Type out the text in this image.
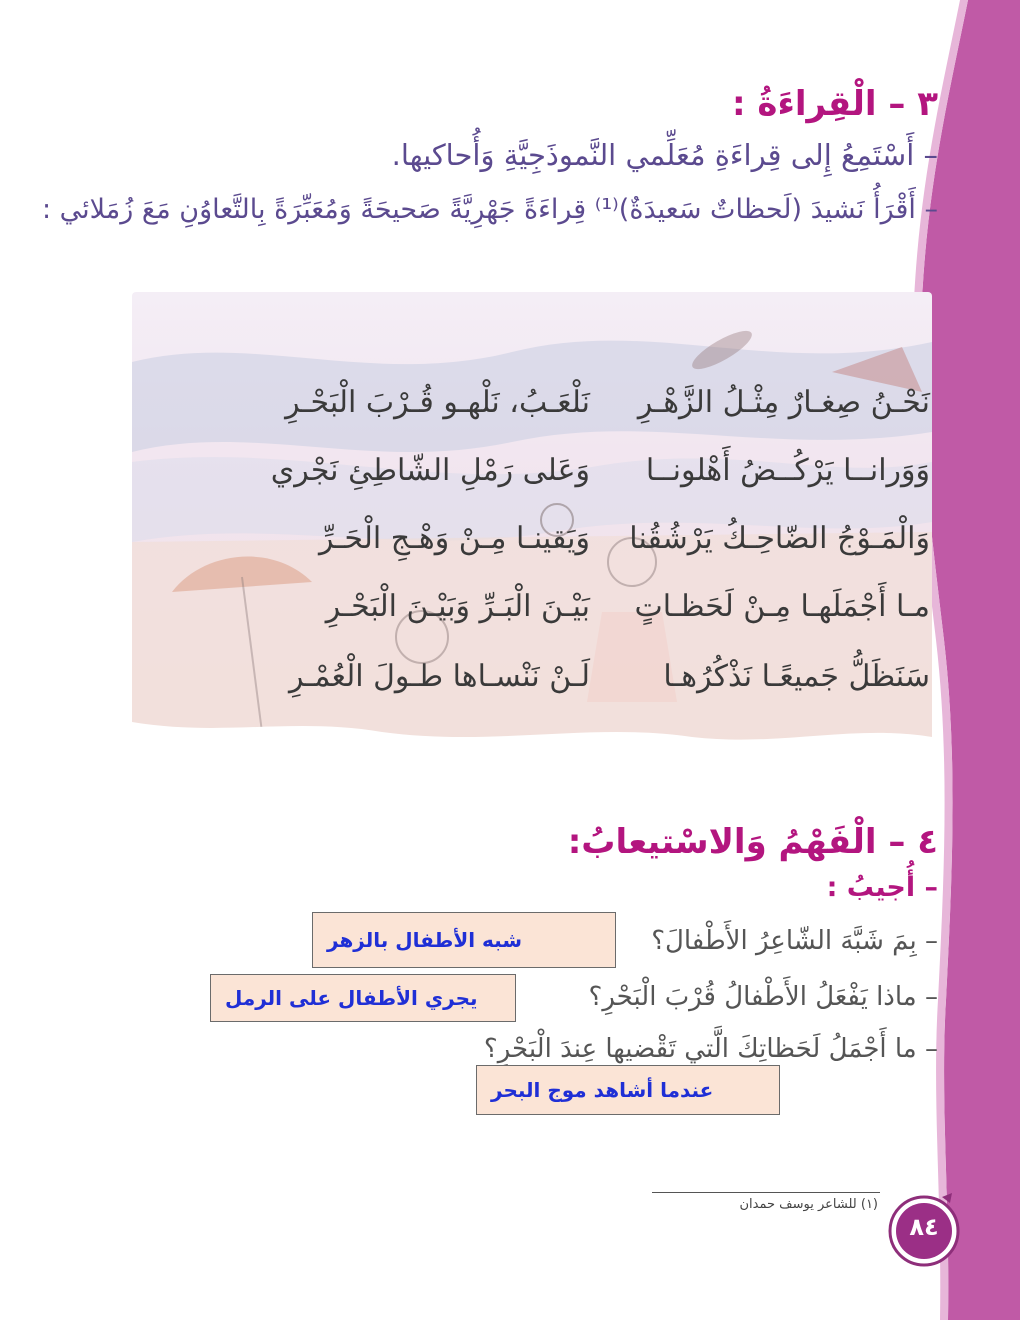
٣ – الْقِراءَةُ :
– أَسْتَمِعُ إِلى قِراءَةِ مُعَلِّمي النَّموذَجِيَّةِ وَأُحاكيها.
– أَقْرَأُ نَشيدَ (لَحظاتٌ سَعيدَةٌ)⁽¹⁾ قِراءَةً جَهْرِيَّةً صَحيحَةً وَمُعَبِّرَةً بِالتَّعاوُنِ مَعَ زُمَلائي :
نَحْـنُ صِغـارٌ مِثْـلُ الزَّهْـرِ
نَلْعَـبُ، نَلْهـو قُـرْبَ الْبَحْـرِ
وَوَرانــا يَرْكُــضُ أَهْلونــا
وَعَلى رَمْلِ الشّاطِئِ نَجْري
وَالْمَـوْجُ الضّاحِـكُ يَرْشُقُنا
وَيَقينـا مِـنْ وَهْـجِ الْحَـرِّ
مـا أَجْمَلَهـا مِـنْ لَحَظـاتٍ
بَيْـنَ الْبَـرِّ وَبَيْـنَ الْبَحْـرِ
سَنَظَلُّ جَميعًـا نَذْكُرُهـا
لَـنْ نَنْسـاها طـولَ الْعُمْـرِ
٤ – الْفَهْمُ وَالاسْتيعابُ:
– أُجيبُ :
– بِمَ شَبَّهَ الشّاعِرُ الأَطْفالَ؟
شبه الأطفال بالزهر
– ماذا يَفْعَلُ الأَطْفالُ قُرْبَ الْبَحْرِ؟
يجري الأطفال على الرمل
– ما أَجْمَلُ لَحَظاتِكَ الَّتي تَقْضيها عِندَ الْبَحْرِ؟
عندما أشاهد موج البحر
(١) للشاعر يوسف حمدان
٨٤
